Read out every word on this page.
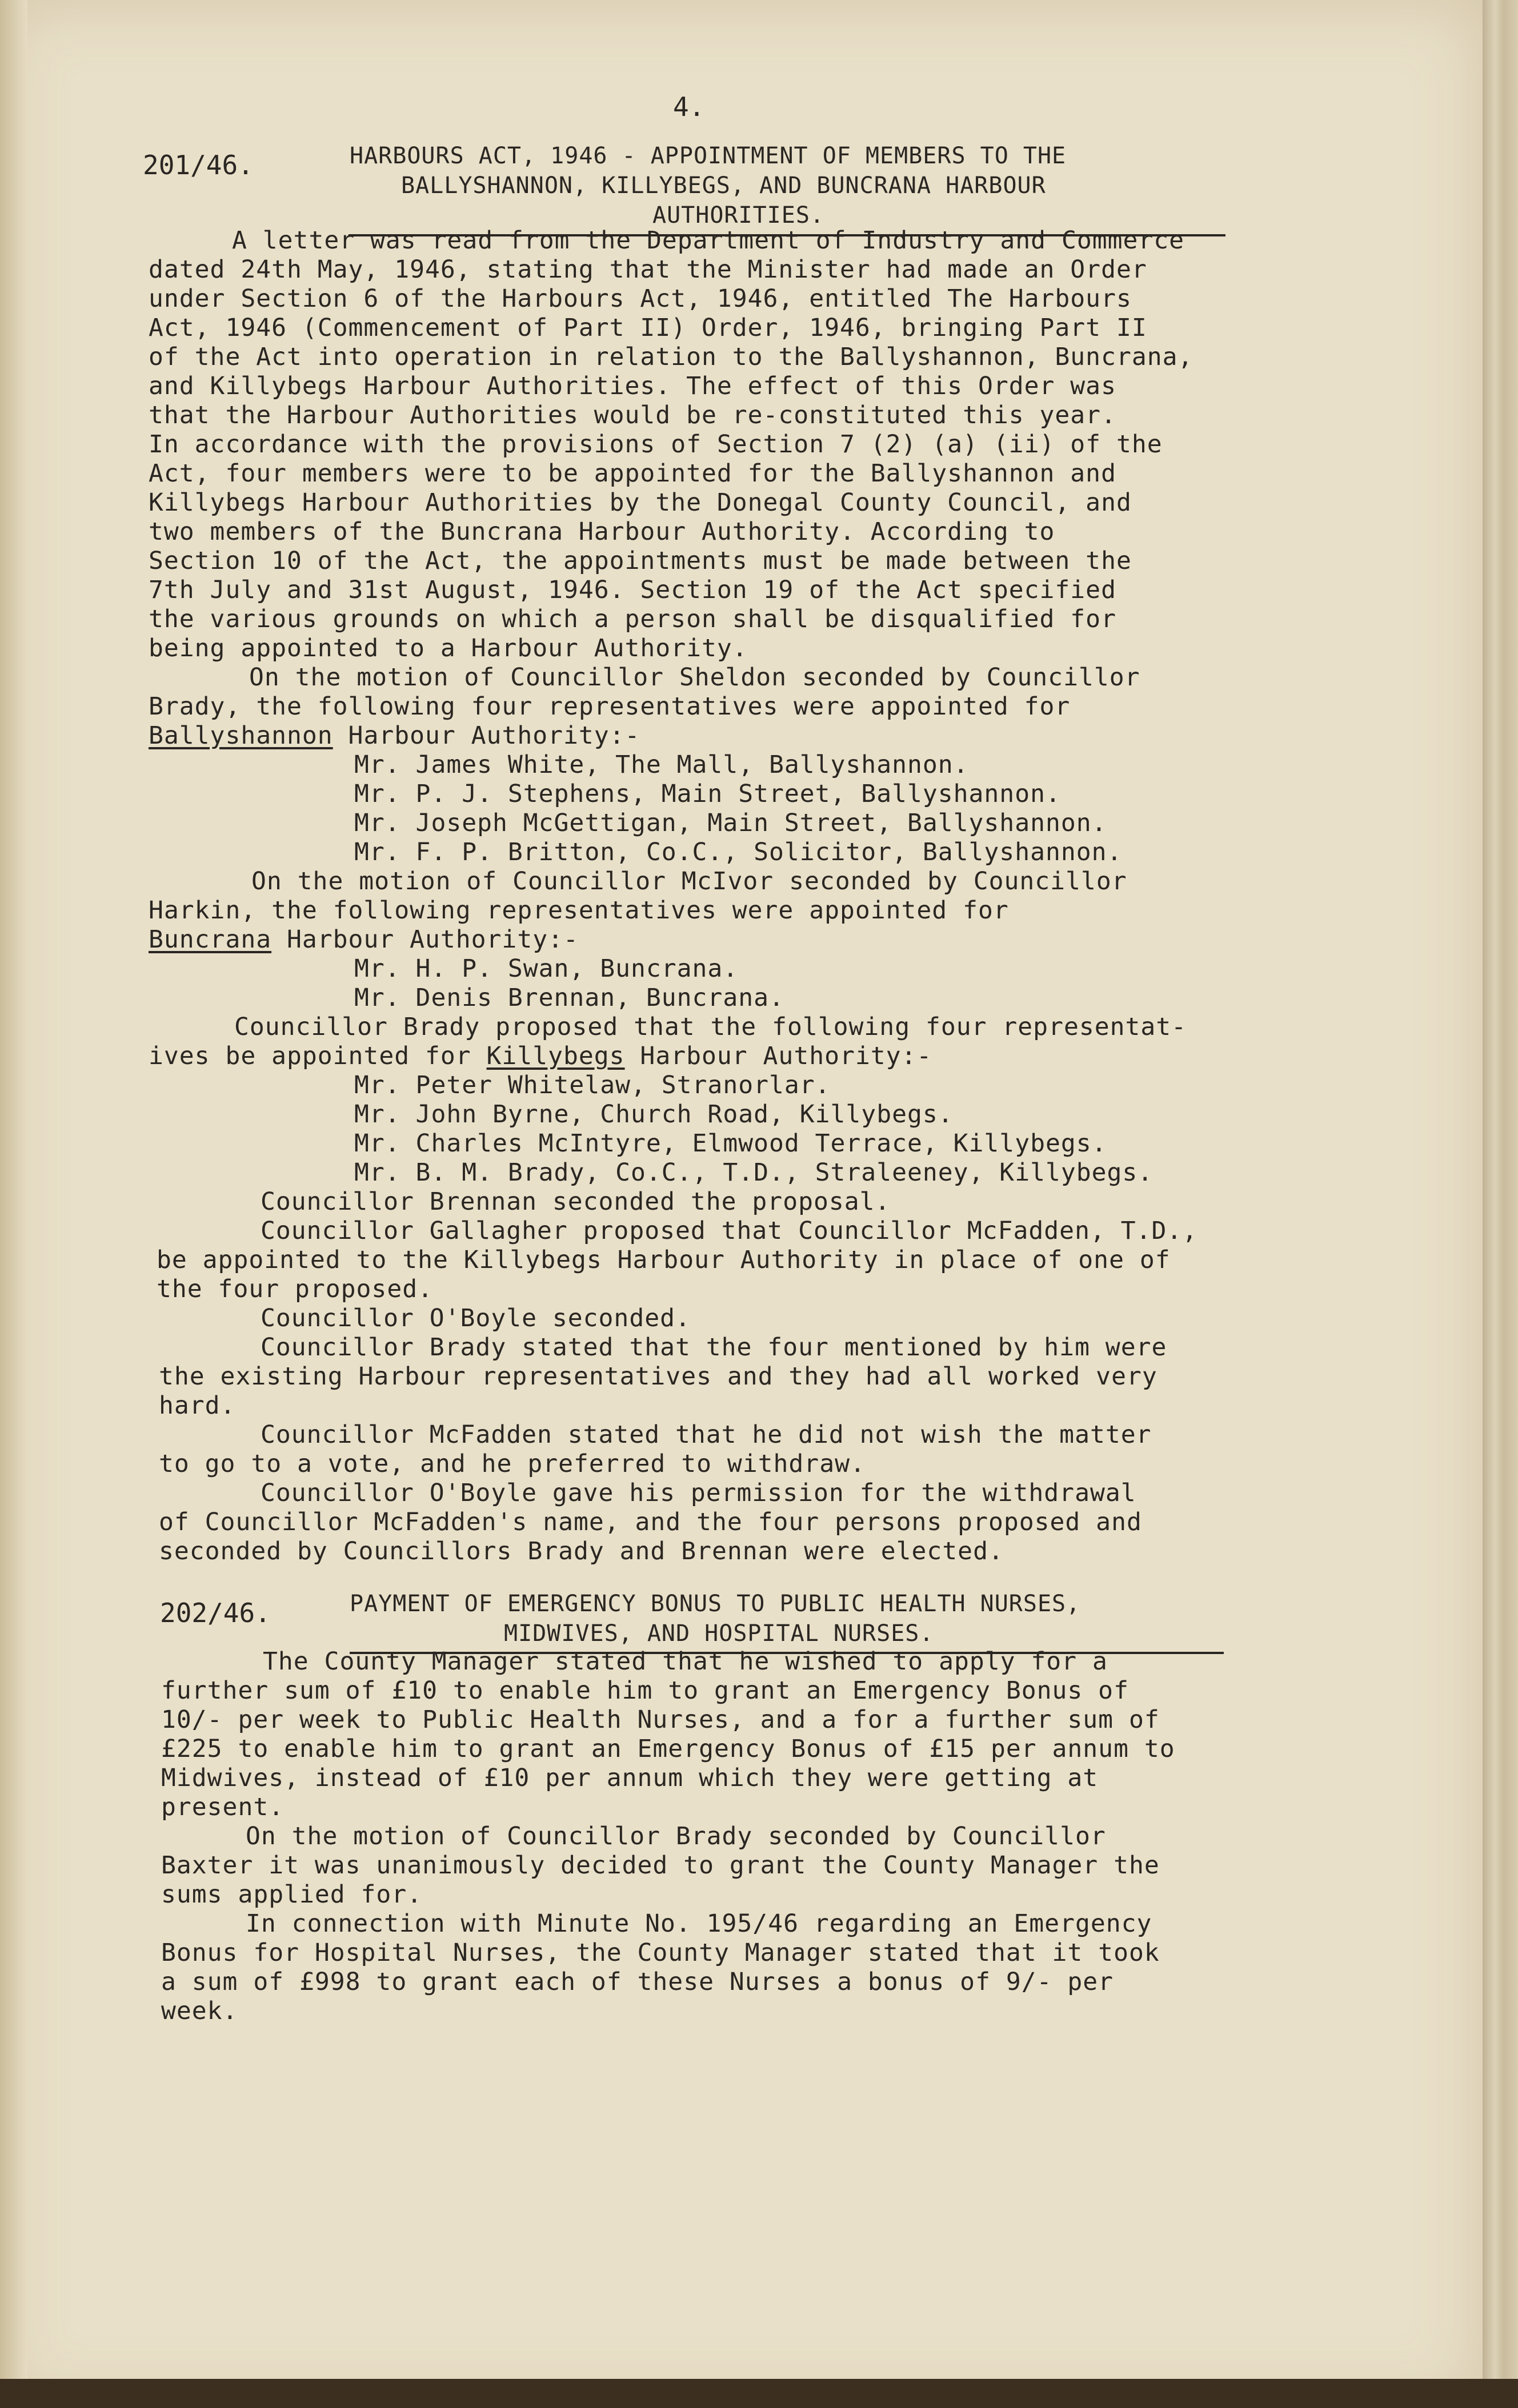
4.
201/46.	HARBOURS ACT, 1946 - APPOINTMENT OF MEMBERS TO THE
BALLYSHANNON, KILLYBEGS, AND BUNCRANA HARBOUR
AUTHORITIES.
A letter was read from the Department of Industry and Commerce
dated 24th May, 1946, stating that the Minister had made an Order
under Section 6 of the Harbours Act, 1946, entitled The Harbours
Act, 1946 (Commencement of Part II) Order, 1946, bringing Part II
of the Act into operation in relation to the Ballyshannon, Buncrana,
and Killybegs Harbour Authorities. The effect of this Order was
that the Harbour Authorities would be re-constituted this year.
In accordance with the provisions of Section 7 (2) (a) (ii) of the
Act, four members were to be appointed for the Ballyshannon and
Killybegs Harbour Authorities by the Donegal County Council, and
two members of the Buncrana Harbour Authority. According to
Section 10 of the Act, the appointments must be made between the
7th July and 31st August, 1946. Section 19 of the Act specified
the various grounds on which a person shall be disqualified for
being appointed to a Harbour Authority.
On the motion of Councillor Sheldon seconded by Councillor
Brady, the following four representatives were appointed for
Ballyshannon Harbour Authority:-
Mr. James White, The Mall, Ballyshannon.
Mr. P. J. Stephens, Main Street, Ballyshannon.
Mr. Joseph McGettigan, Main Street, Ballyshannon.
Mr. F. P. Britton, Co.C., Solicitor, Ballyshannon.
On the motion of Councillor McIvor seconded by Councillor
Harkin, the following representatives were appointed for
Buncrana Harbour Authority:-
Mr. H. P. Swan, Buncrana.
Mr. Denis Brennan, Buncrana.
Councillor Brady proposed that the following four representat-
ives be appointed for Killybegs Harbour Authority:-
Mr. Peter Whitelaw, Stranorlar.
Mr. John Byrne, Church Road, Killybegs.
Mr. Charles McIntyre, Elmwood Terrace, Killybegs.
Mr. B. M. Brady, Co.C., T.D., Straleeney, Killybegs.
Councillor Brennan seconded the proposal.
Councillor Gallagher proposed that Councillor McFadden, T.D.,
be appointed to the Killybegs Harbour Authority in place of one of
the four proposed.
Councillor O'Boyle seconded.
Councillor Brady stated that the four mentioned by him were
the existing Harbour representatives and they had all worked very
hard.
Councillor McFadden stated that he did not wish the matter
to go to a vote, and he preferred to withdraw.
Councillor O'Boyle gave his permission for the withdrawal
of Councillor McFadden's name, and the four persons proposed and
seconded by Councillors Brady and Brennan were elected.
202/46.	PAYMENT OF EMERGENCY BONUS TO PUBLIC HEALTH NURSES,
MIDWIVES, AND HOSPITAL NURSES.
The County Manager stated that he wished to apply for a
further sum of £10 to enable him to grant an Emergency Bonus of
10/- per week to Public Health Nurses, and a for a further sum of
£225 to enable him to grant an Emergency Bonus of £15 per annum to
Midwives, instead of £10 per annum which they were getting at
present.
On the motion of Councillor Brady seconded by Councillor
Baxter it was unanimously decided to grant the County Manager the
sums applied for.
In connection with Minute No. 195/46 regarding an Emergency
Bonus for Hospital Nurses, the County Manager stated that it took
a sum of £998 to grant each of these Nurses a bonus of 9/- per
week.
